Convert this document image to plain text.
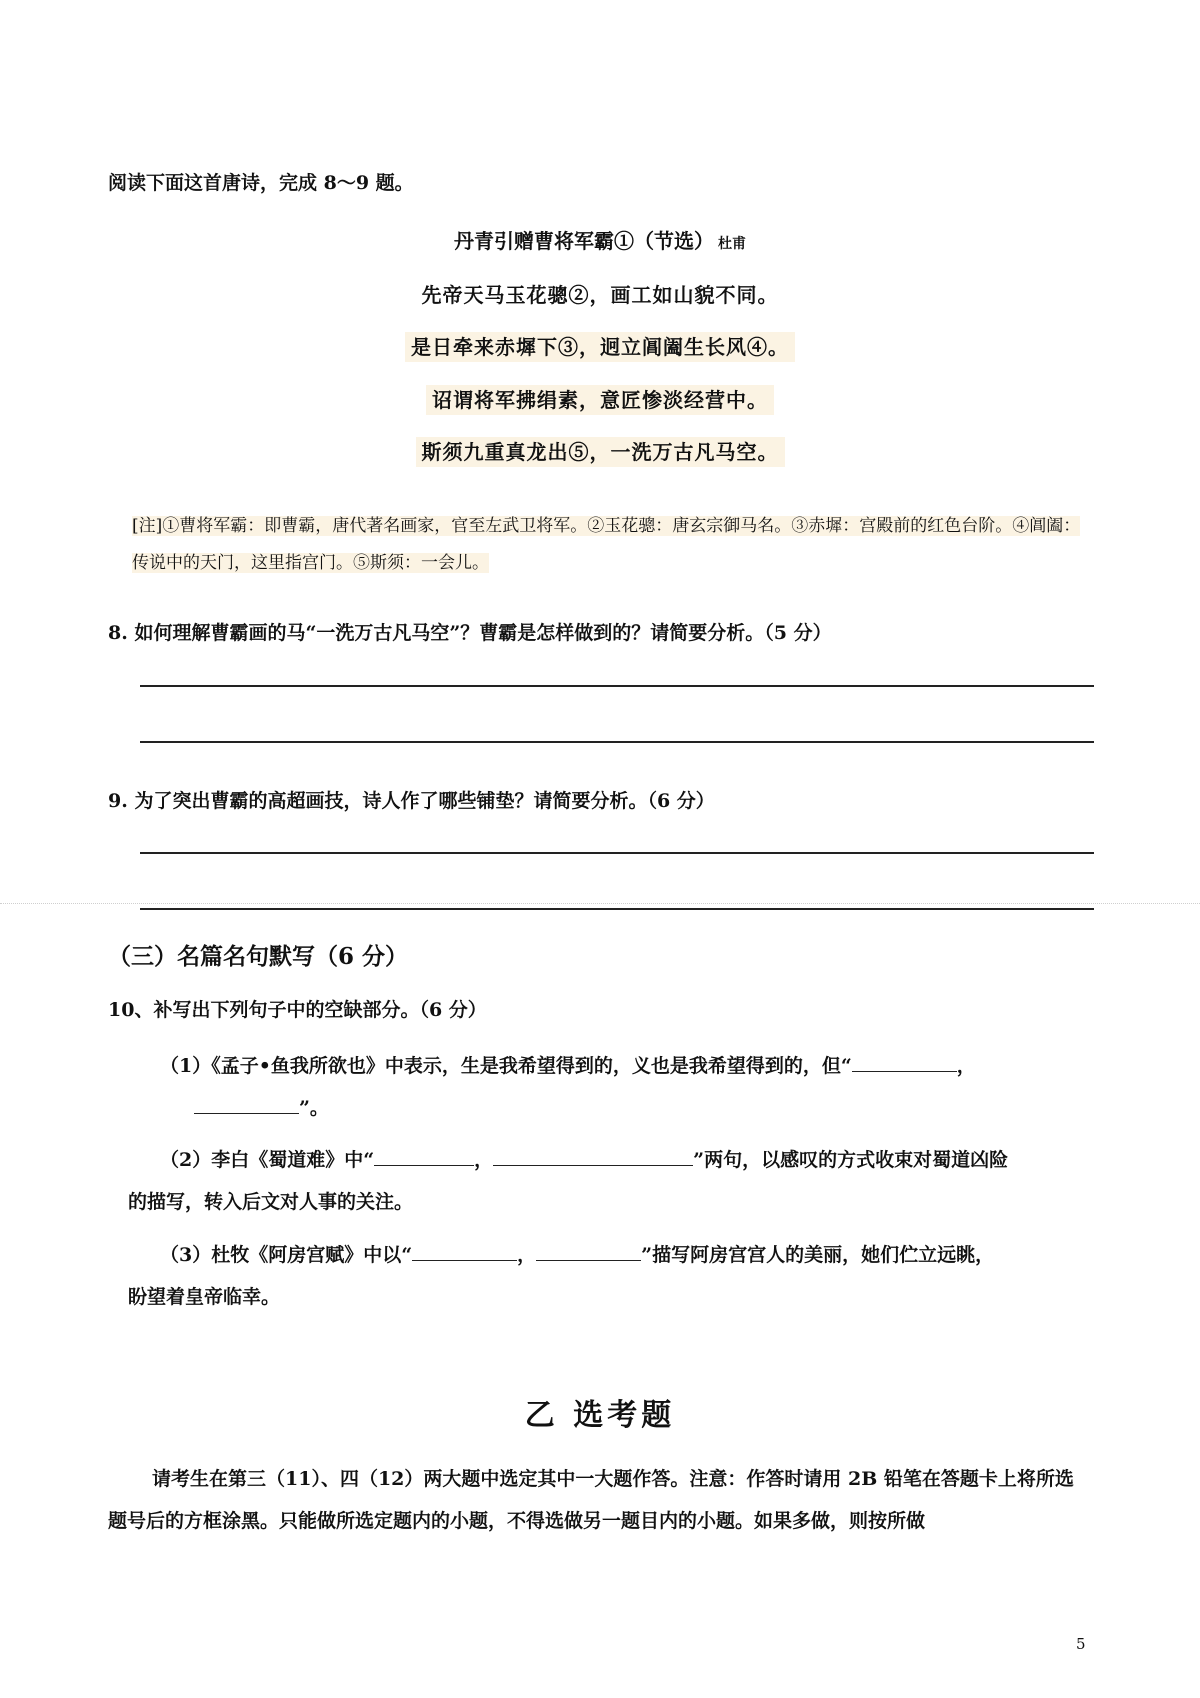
阅读下面这首唐诗，完成 8～9 题。
丹青引赠曹将军霸①（节选） 杜甫
先帝天马玉花骢②，画工如山貌不同。
是日牵来赤墀下③，迥立阊阖生长风④。
诏谓将军拂绢素，意匠惨淡经营中。
斯须九重真龙出⑤，一洗万古凡马空。
[注]①曹将军霸：即曹霸，唐代著名画家，官至左武卫将军。②玉花骢：唐玄宗御马名。③赤墀：宫殿前的红色台阶。④阊阖：传说中的天门，这里指宫门。⑤斯须：一会儿。
8. 如何理解曹霸画的马“一洗万古凡马空”？曹霸是怎样做到的？请简要分析。（5 分）
9. 为了突出曹霸的高超画技，诗人作了哪些铺垫？请简要分析。（6 分）
（三）名篇名句默写（6 分）
10、补写出下列句子中的空缺部分。（6 分）
（1）《孟子•鱼我所欲也》中表示，生是我希望得到的，义也是我希望得到的，但“	，
”。
（2）李白《蜀道难》中“	，	”两句，以感叹的方式收束对蜀道凶险
的描写，转入后文对人事的关注。
（3）杜牧《阿房宫赋》中以“	，	”描写阿房宫宫人的美丽，她们伫立远眺，
盼望着皇帝临幸。
乙 选考题
请考生在第三（11）、四（12）两大题中选定其中一大题作答。注意：作答时请用 2B 铅笔在答题卡上将所选题号后的方框涂黑。只能做所选定题内的小题，不得选做另一题目内的小题。如果多做，则按所做
5
